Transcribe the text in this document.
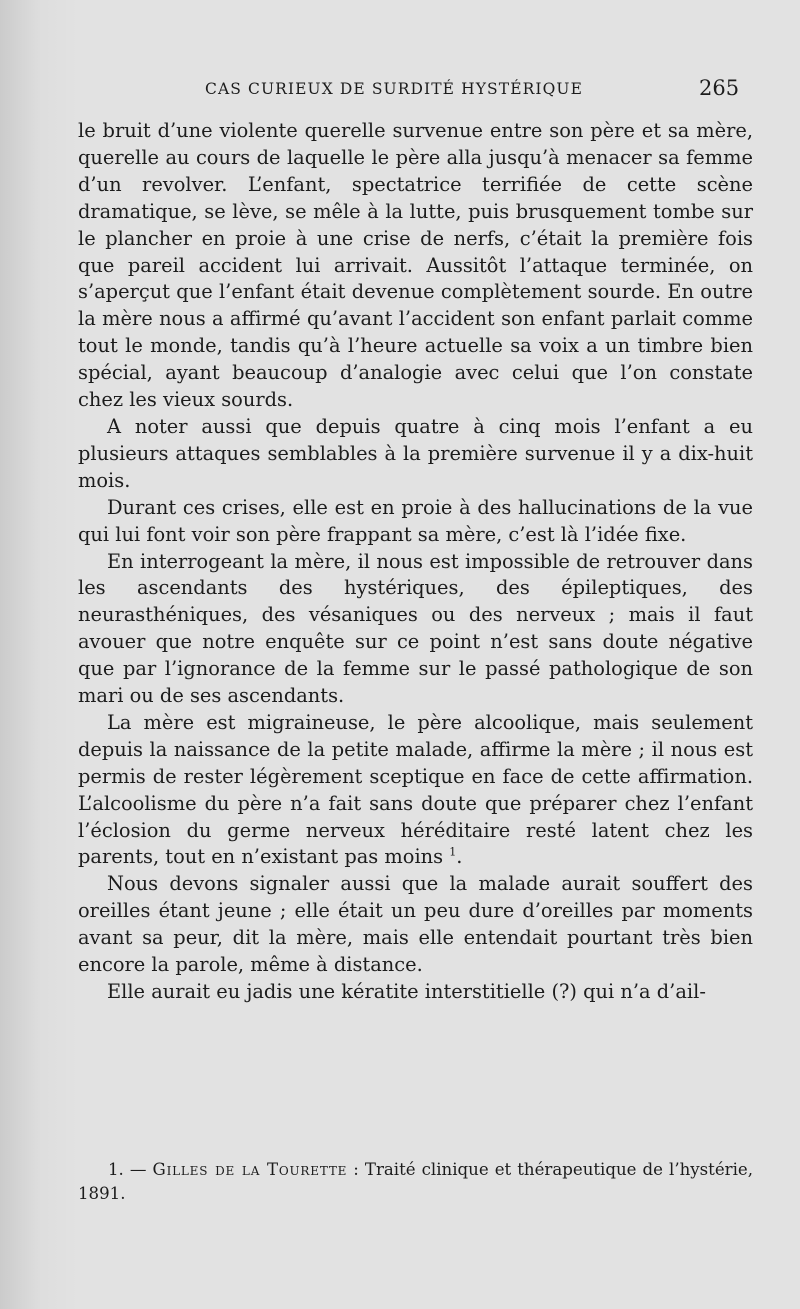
CAS CURIEUX DE SURDITÉ HYSTÉRIQUE	265

le bruit d’une violente querelle survenue entre son père et sa mère, querelle au cours de laquelle le père alla jusqu’à menacer sa femme d’un revolver. L’enfant, spectatrice terrifiée de cette scène dramatique, se lève, se mêle à la lutte, puis brusquement tombe sur le plancher en proie à une crise de nerfs, c’était la première fois que pareil accident lui arrivait. Aussitôt l’attaque terminée, on s’aperçut que l’enfant était devenue complètement sourde. En outre la mère nous a affirmé qu’avant l’accident son enfant parlait comme tout le monde, tandis qu’à l’heure actuelle sa voix a un timbre bien spécial, ayant beaucoup d’analogie avec celui que l’on constate chez les vieux sourds.

A noter aussi que depuis quatre à cinq mois l’enfant a eu plusieurs attaques semblables à la première survenue il y a dix-huit mois.

Durant ces crises, elle est en proie à des hallucinations de la vue qui lui font voir son père frappant sa mère, c’est là l’idée fixe.

En interrogeant la mère, il nous est impossible de retrouver dans les ascendants des hystériques, des épileptiques, des neurasthéniques, des vésaniques ou des nerveux ; mais il faut avouer que notre enquête sur ce point n’est sans doute négative que par l’ignorance de la femme sur le passé pathologique de son mari ou de ses ascendants.

La mère est migraineuse, le père alcoolique, mais seulement depuis la naissance de la petite malade, affirme la mère ; il nous est permis de rester légèrement sceptique en face de cette affirmation. L’alcoolisme du père n’a fait sans doute que préparer chez l’enfant l’éclosion du germe nerveux héréditaire resté latent chez les parents, tout en n’existant pas moins $^1$.

Nous devons signaler aussi que la malade aurait souffert des oreilles étant jeune ; elle était un peu dure d’oreilles par moments avant sa peur, dit la mère, mais elle entendait pourtant très bien encore la parole, même à distance.

Elle aurait eu jadis une kératite interstitielle (?) qui n’a d’ail-

1. — Gilles de la Tourette : Traité clinique et thérapeutique de l’hystérie, 1891.
